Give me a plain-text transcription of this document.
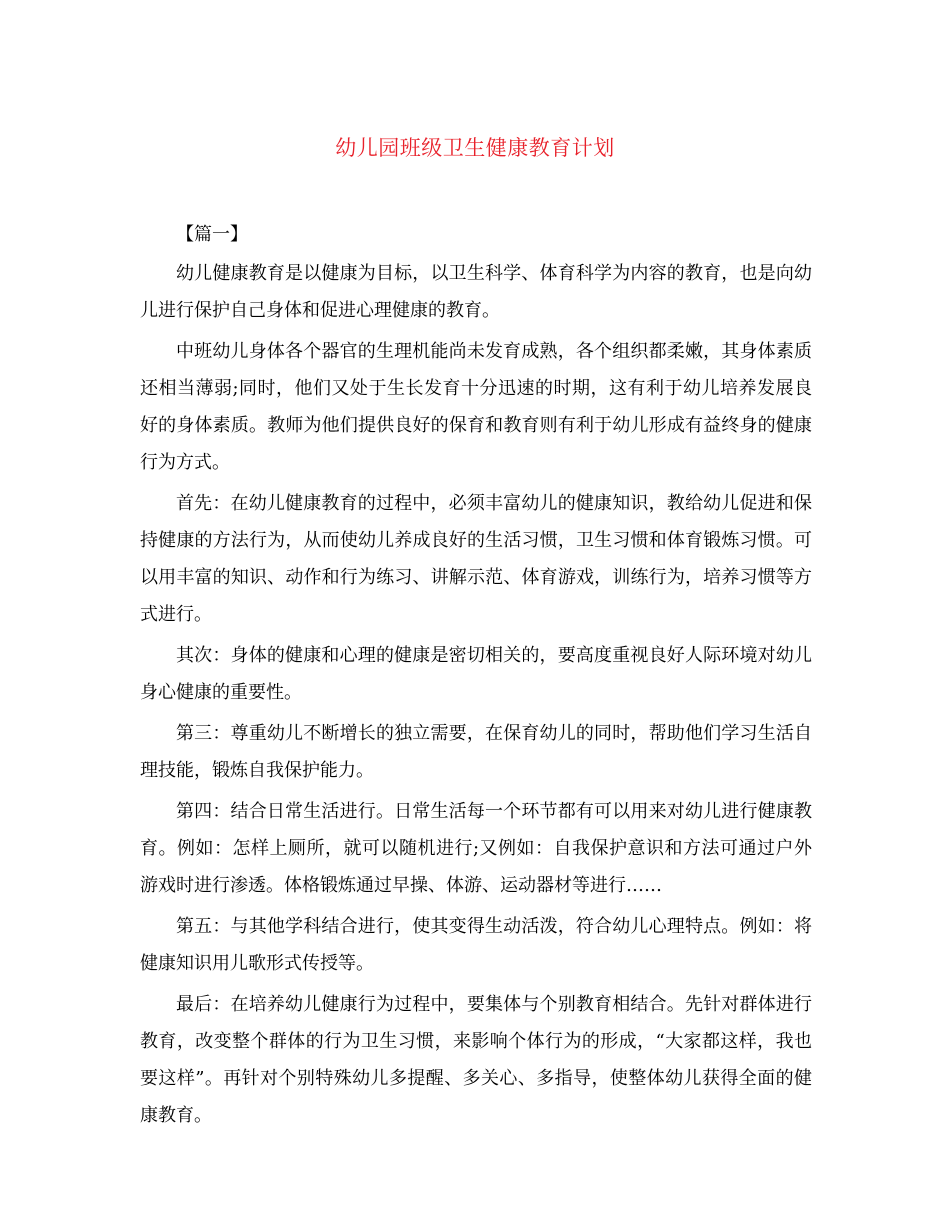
幼儿园班级卫生健康教育计划
【篇一】

幼儿健康教育是以健康为目标，以卫生科学、体育科学为内容的教育，也是向幼儿进行保护自己身体和促进心理健康的教育。

中班幼儿身体各个器官的生理机能尚未发育成熟，各个组织都柔嫩，其身体素质还相当薄弱;同时，他们又处于生长发育十分迅速的时期，这有利于幼儿培养发展良好的身体素质。教师为他们提供良好的保育和教育则有利于幼儿形成有益终身的健康行为方式。

首先：在幼儿健康教育的过程中，必须丰富幼儿的健康知识，教给幼儿促进和保持健康的方法行为，从而使幼儿养成良好的生活习惯，卫生习惯和体育锻炼习惯。可以用丰富的知识、动作和行为练习、讲解示范、体育游戏，训练行为，培养习惯等方式进行。

其次：身体的健康和心理的健康是密切相关的，要高度重视良好人际环境对幼儿身心健康的重要性。

第三：尊重幼儿不断增长的独立需要，在保育幼儿的同时，帮助他们学习生活自理技能，锻炼自我保护能力。

第四：结合日常生活进行。日常生活每一个环节都有可以用来对幼儿进行健康教育。例如：怎样上厕所，就可以随机进行;又例如：自我保护意识和方法可通过户外游戏时进行渗透。体格锻炼通过早操、体游、运动器材等进行……

第五：与其他学科结合进行，使其变得生动活泼，符合幼儿心理特点。例如：将健康知识用儿歌形式传授等。

最后：在培养幼儿健康行为过程中，要集体与个别教育相结合。先针对群体进行教育，改变整个群体的行为卫生习惯，来影响个体行为的形成，“大家都这样，我也要这样”。再针对个别特殊幼儿多提醒、多关心、多指导，使整体幼儿获得全面的健康教育。
